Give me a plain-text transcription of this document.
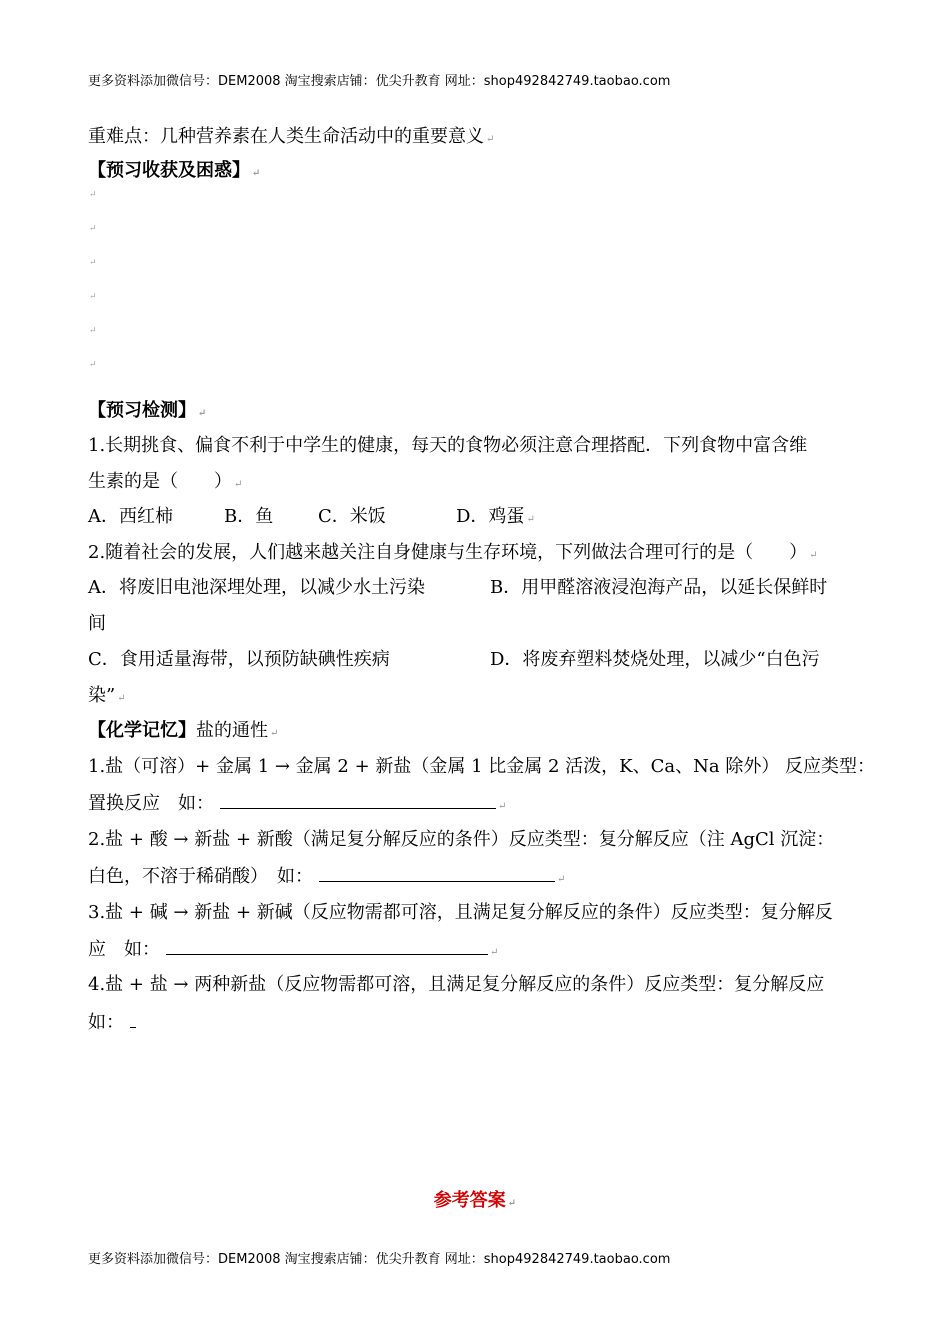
更多资料添加微信号：DEM2008 淘宝搜索店铺：优尖升教育 网址：shop492842749.taobao.com
重难点：几种营养素在人类生命活动中的重要意义 ↵
【预习收获及困惑】 ↵
↵
↵
↵
↵
↵
↵
【预习检测】 ↵
1.长期挑食、偏食不利于中学生的健康，每天的食物必须注意合理搭配．下列食物中富含维
生素的是（　　） ↵
A．西红柿	B．鱼 C．米饭	D．鸡蛋 ↵
2.随着社会的发展，人们越来越关注自身健康与生存环境，下列做法合理可行的是（　　） ↵
A．将废旧电池深埋处理，以减少水土污染	B．用甲醛溶液浸泡海产品，以延长保鲜时
间
C．食用适量海带，以预防缺碘性疾病	D．将废弃塑料焚烧处理，以减少“白色污
染” ↵
【化学记忆】盐的通性 ↵
1.盐（可溶）+ 金属 1 → 金属 2 + 新盐（金属 1 比金属 2 活泼，K、Ca、Na 除外） 反应类型：
置换反应　如：	↵
2.盐 + 酸 → 新盐 + 新酸（满足复分解反应的条件）反应类型：复分解反应（注 AgCl 沉淀：
白色，不溶于稀硝酸）　如：	↵
3.盐 + 碱 → 新盐 + 新碱（反应物需都可溶，且满足复分解反应的条件）反应类型：复分解反
应　如：	↵
4.盐 + 盐 → 两种新盐（反应物需都可溶，且满足复分解反应的条件）反应类型：复分解反应
如：
参考答案 ↵
更多资料添加微信号：DEM2008 淘宝搜索店铺：优尖升教育 网址：shop492842749.taobao.com
